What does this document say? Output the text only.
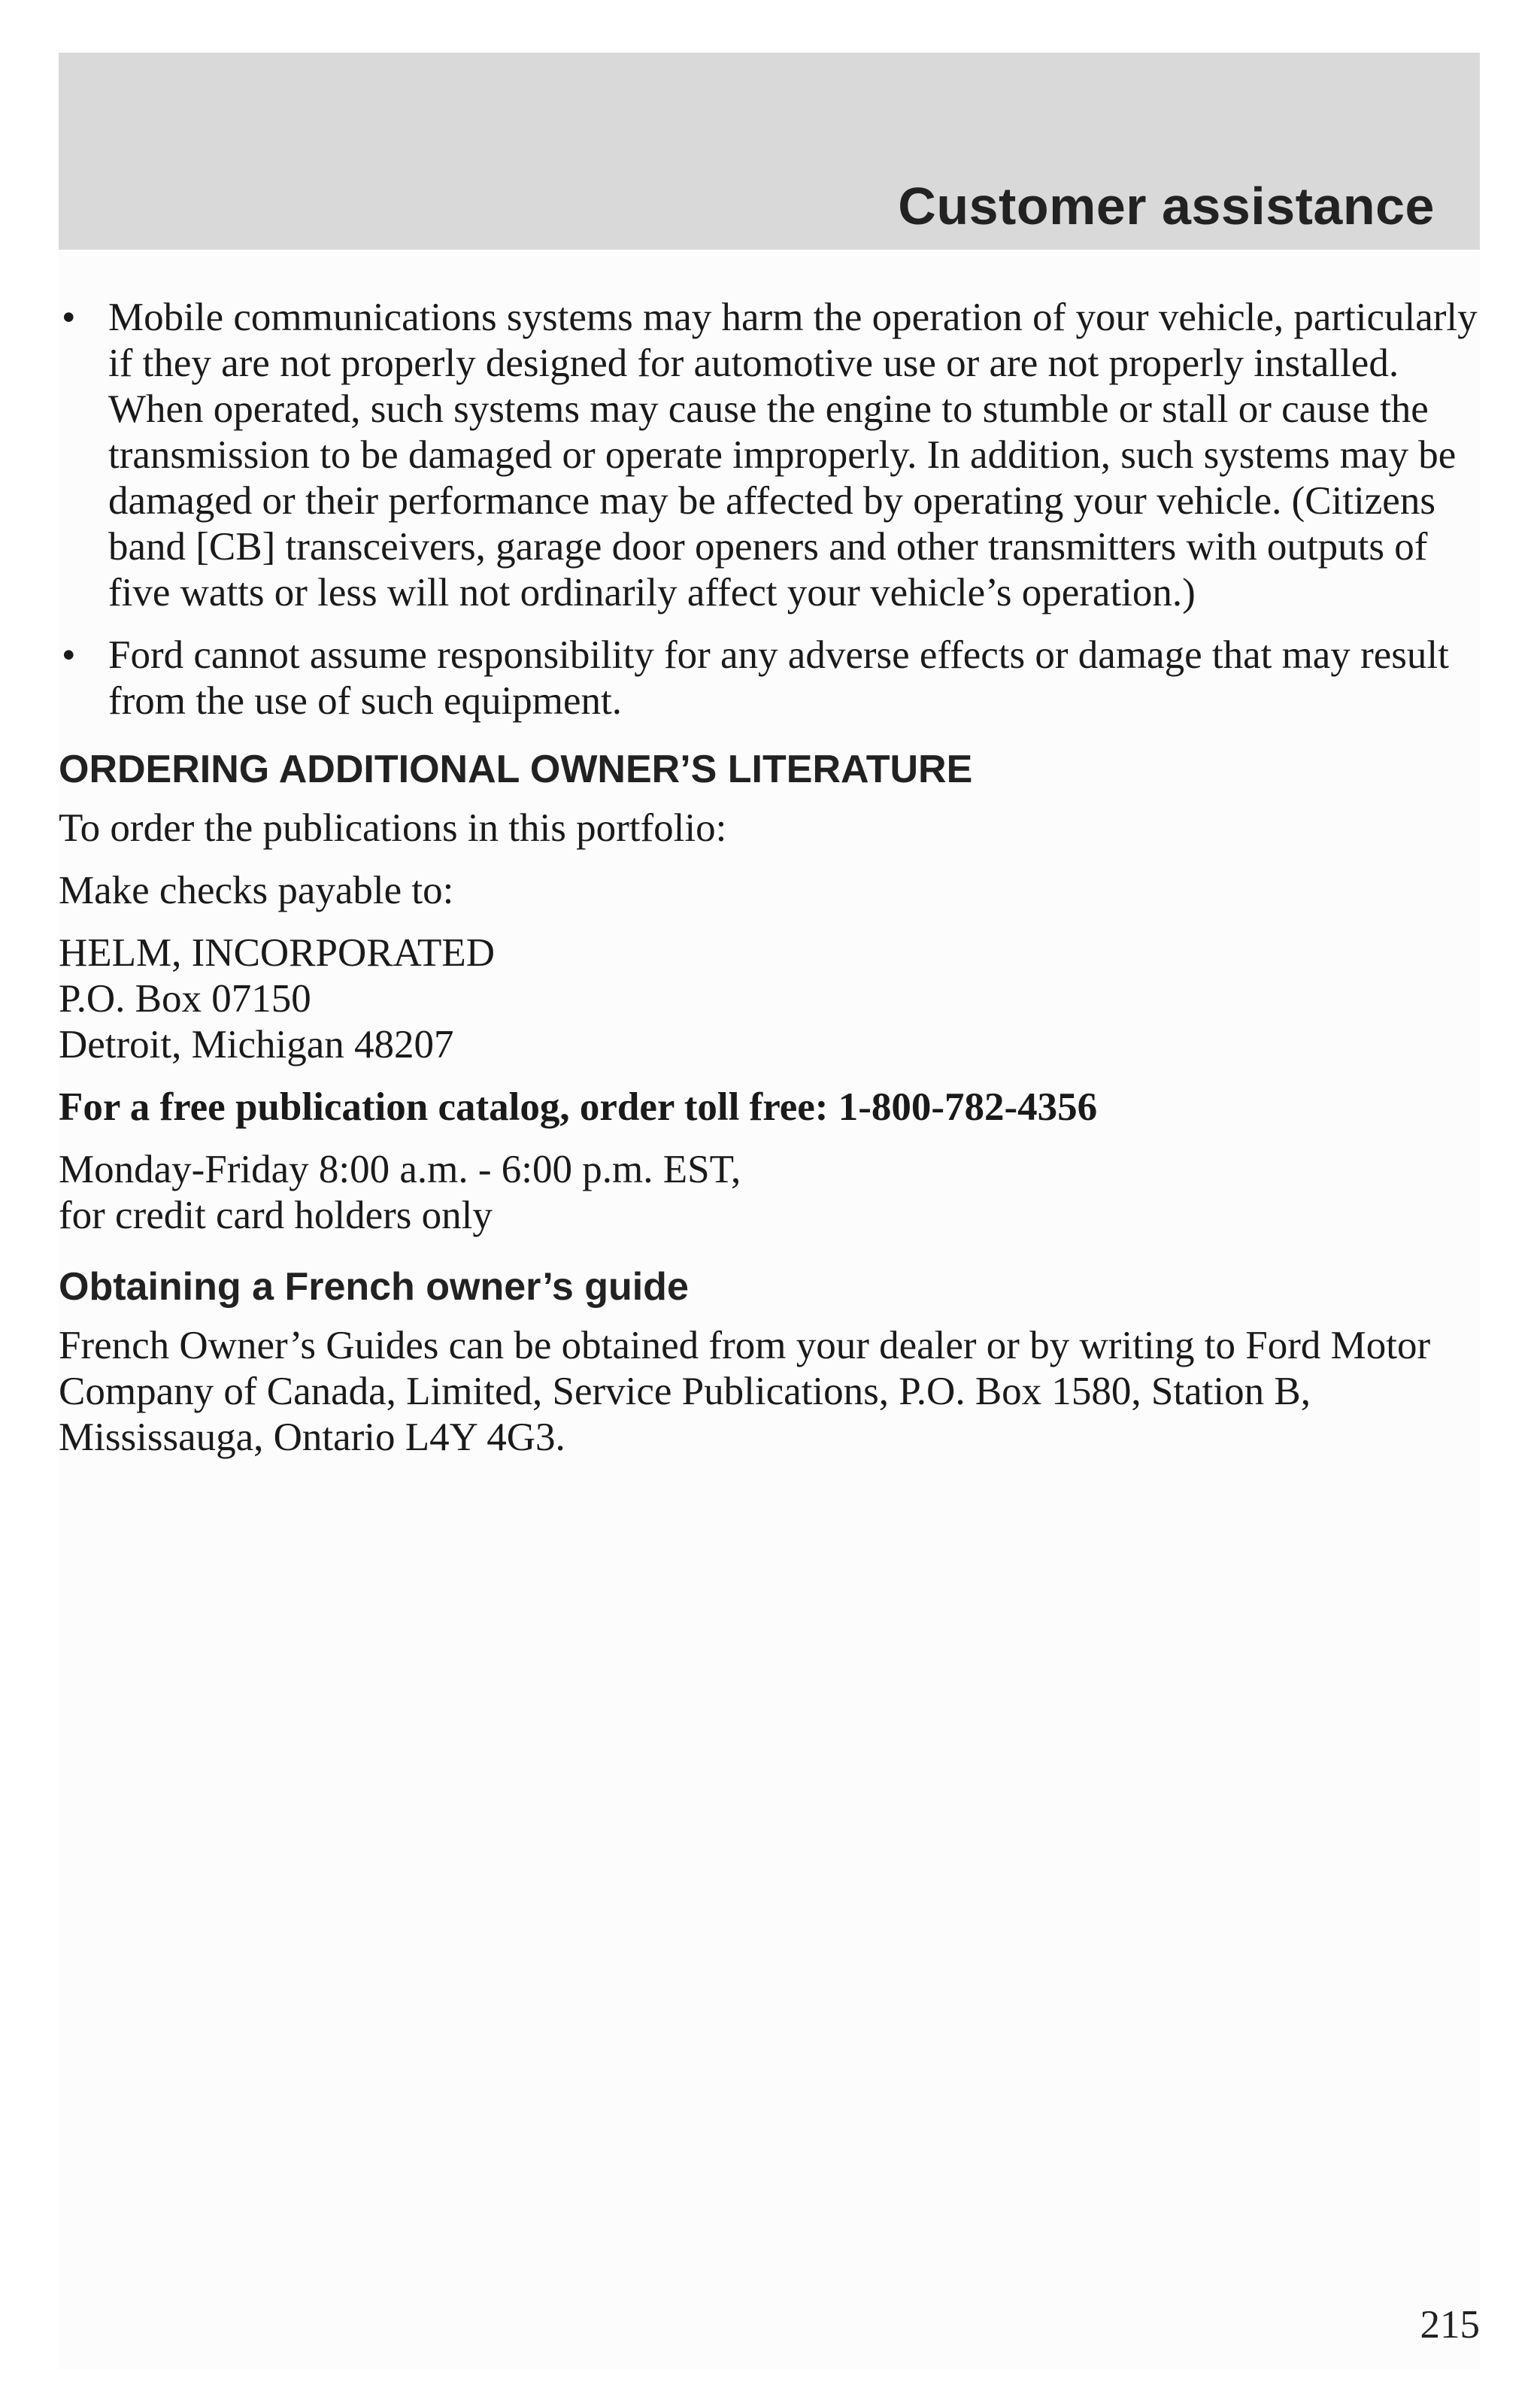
Customer assistance
• Mobile communications systems may harm the operation of your vehicle, particularly if they are not properly designed for automotive use or are not properly installed. When operated, such systems may cause the engine to stumble or stall or cause the transmission to be damaged or operate improperly. In addition, such systems may be damaged or their performance may be affected by operating your vehicle. (Citizens band [CB] transceivers, garage door openers and other transmitters with outputs of five watts or less will not ordinarily affect your vehicle’s operation.)
• Ford cannot assume responsibility for any adverse effects or damage that may result from the use of such equipment.
ORDERING ADDITIONAL OWNER’S LITERATURE

To order the publications in this portfolio:

Make checks payable to:

HELM, INCORPORATED
P.O. Box 07150
Detroit, Michigan 48207

For a free publication catalog, order toll free: 1-800-782-4356

Monday-Friday 8:00 a.m. - 6:00 p.m. EST,
for credit card holders only

Obtaining a French owner’s guide

French Owner’s Guides can be obtained from your dealer or by writing to Ford Motor Company of Canada, Limited, Service Publications, P.O. Box 1580, Station B, Mississauga, Ontario L4Y 4G3.

215
